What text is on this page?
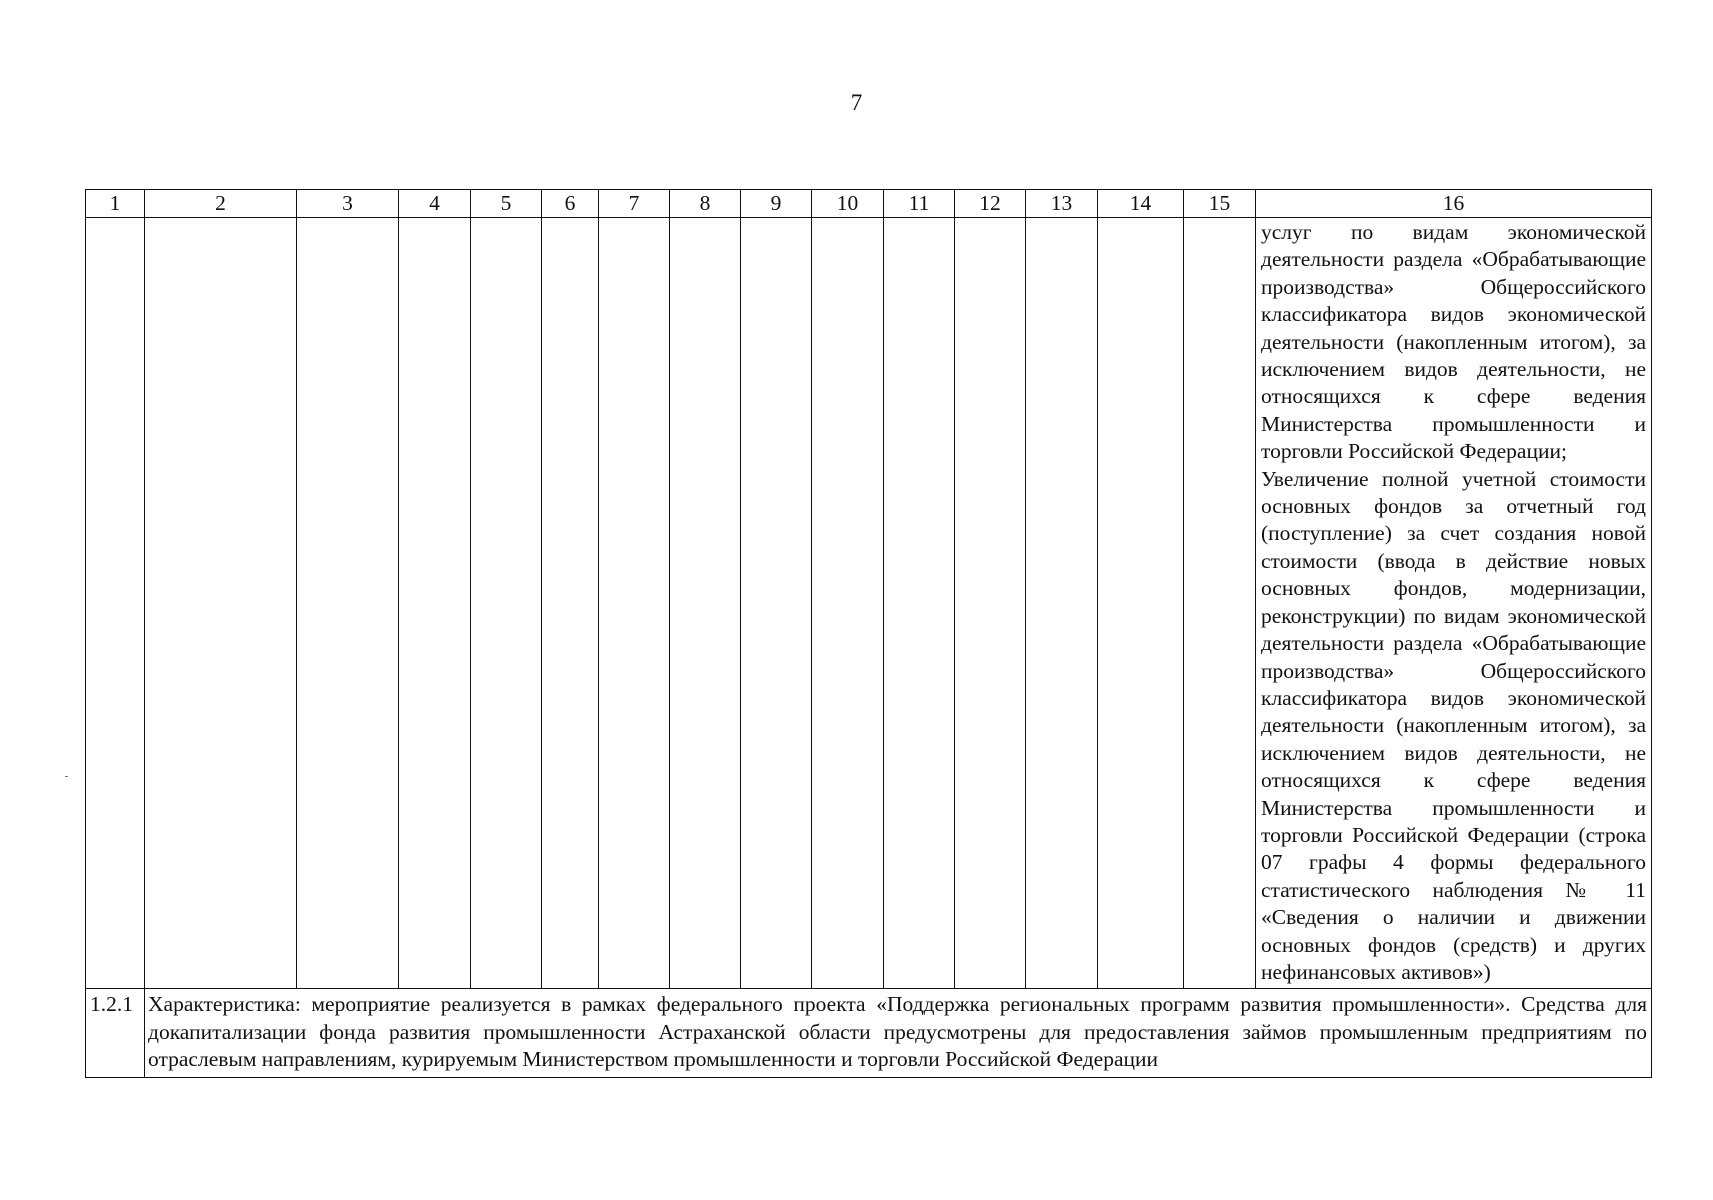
7
1	2	3	4	5	6	7	8	9	10	11	12	13	14	15	16

															услуг по видам экономической деятельности раздела «Обрабатывающие производства» Общероссийского классификатора видов экономической деятельности (накопленным итогом), за исключением видов деятельности, не относящихся к сфере ведения Министерства промышленности и торговли Российской Федерации;
Увеличение полной учетной стоимости основных фондов за отчетный год (поступление) за счет создания новой стоимости (ввода в действие новых основных фондов, модернизации, реконструкции) по видам экономической деятельности раздела «Обрабатывающие производства» Общероссийского классификатора видов экономической деятельности (накопленным итогом), за исключением видов деятельности, не относящихся к сфере ведения Министерства промышленности и торговли Российской Федерации (строка 07 графы 4 формы федерального статистического наблюдения № 11 «Сведения о наличии и движении основных фондов (средств) и других нефинансовых активов»)

1.2.1	Характеристика: мероприятие реализуется в рамках федерального проекта «Поддержка региональных программ развития промышленности». Средства для докапитализации фонда развития промышленности Астраханской области предусмотрены для предоставления займов промышленным предприятиям по отраслевым направлениям, курируемым Министерством промышленности и торговли Российской Федерации														
